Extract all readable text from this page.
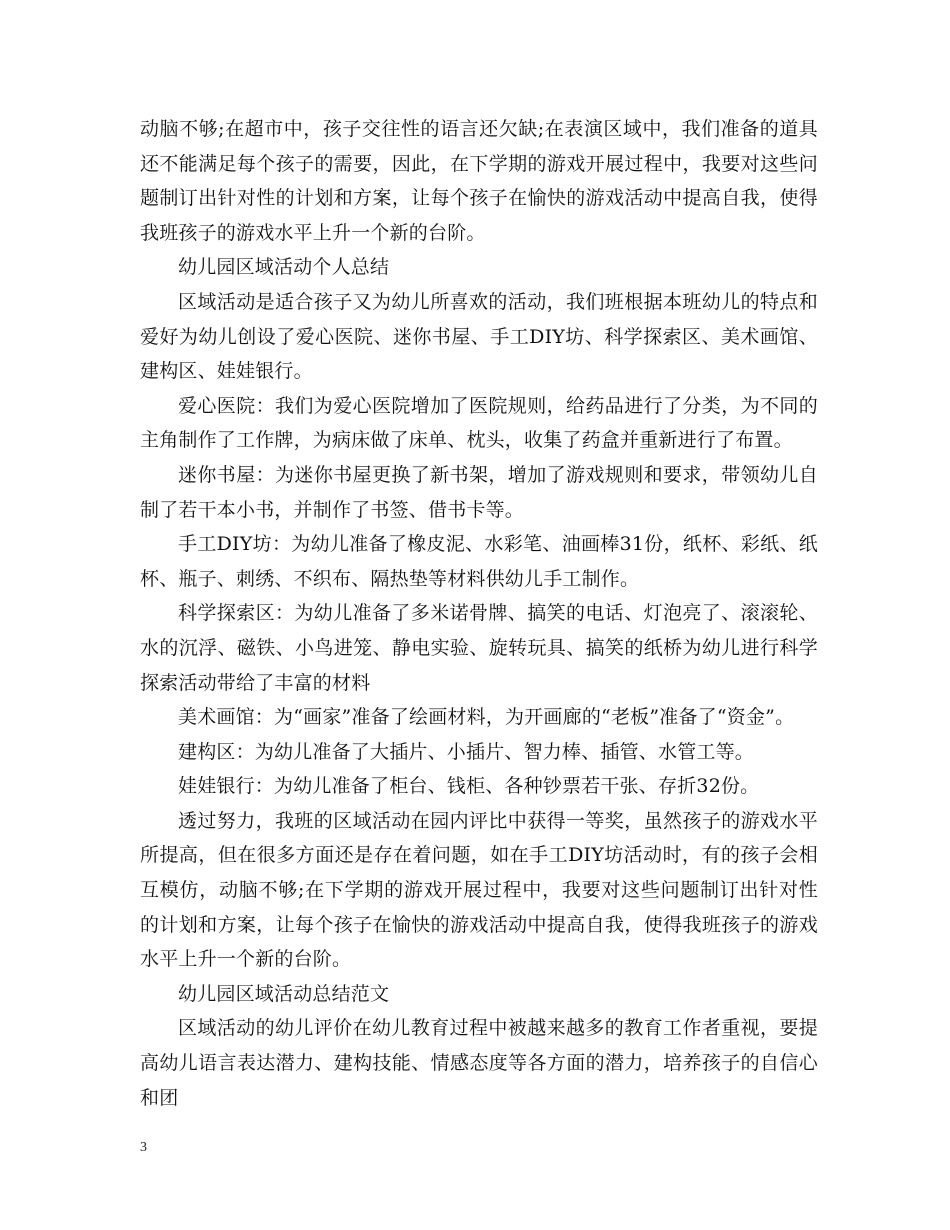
动脑不够;在超市中，孩子交往性的语言还欠缺;在表演区域中，我们准备的道具还不能满足每个孩子的需要，因此，在下学期的游戏开展过程中，我要对这些问题制订出针对性的计划和方案，让每个孩子在愉快的游戏活动中提高自我，使得我班孩子的游戏水平上升一个新的台阶。

幼儿园区域活动个人总结

区域活动是适合孩子又为幼儿所喜欢的活动，我们班根据本班幼儿的特点和爱好为幼儿创设了爱心医院、迷你书屋、手工DIY坊、科学探索区、美术画馆、建构区、娃娃银行。

爱心医院：我们为爱心医院增加了医院规则，给药品进行了分类，为不同的主角制作了工作牌，为病床做了床单、枕头，收集了药盒并重新进行了布置。

迷你书屋：为迷你书屋更换了新书架，增加了游戏规则和要求，带领幼儿自制了若干本小书，并制作了书签、借书卡等。

手工DIY坊：为幼儿准备了橡皮泥、水彩笔、油画棒31份，纸杯、彩纸、纸杯、瓶子、刺绣、不织布、隔热垫等材料供幼儿手工制作。

科学探索区：为幼儿准备了多米诺骨牌、搞笑的电话、灯泡亮了、滚滚轮、水的沉浮、磁铁、小鸟进笼、静电实验、旋转玩具、搞笑的纸桥为幼儿进行科学探索活动带给了丰富的材料

美术画馆：为“画家”准备了绘画材料，为开画廊的“老板”准备了“资金”。

建构区：为幼儿准备了大插片、小插片、智力棒、插管、水管工等。

娃娃银行：为幼儿准备了柜台、钱柜、各种钞票若干张、存折32份。

透过努力，我班的区域活动在园内评比中获得一等奖，虽然孩子的游戏水平所提高，但在很多方面还是存在着问题，如在手工DIY坊活动时，有的孩子会相互模仿，动脑不够;在下学期的游戏开展过程中，我要对这些问题制订出针对性的计划和方案，让每个孩子在愉快的游戏活动中提高自我，使得我班孩子的游戏水平上升一个新的台阶。

幼儿园区域活动总结范文

区域活动的幼儿评价在幼儿教育过程中被越来越多的教育工作者重视，要提高幼儿语言表达潜力、建构技能、情感态度等各方面的潜力，培养孩子的自信心和团

3
